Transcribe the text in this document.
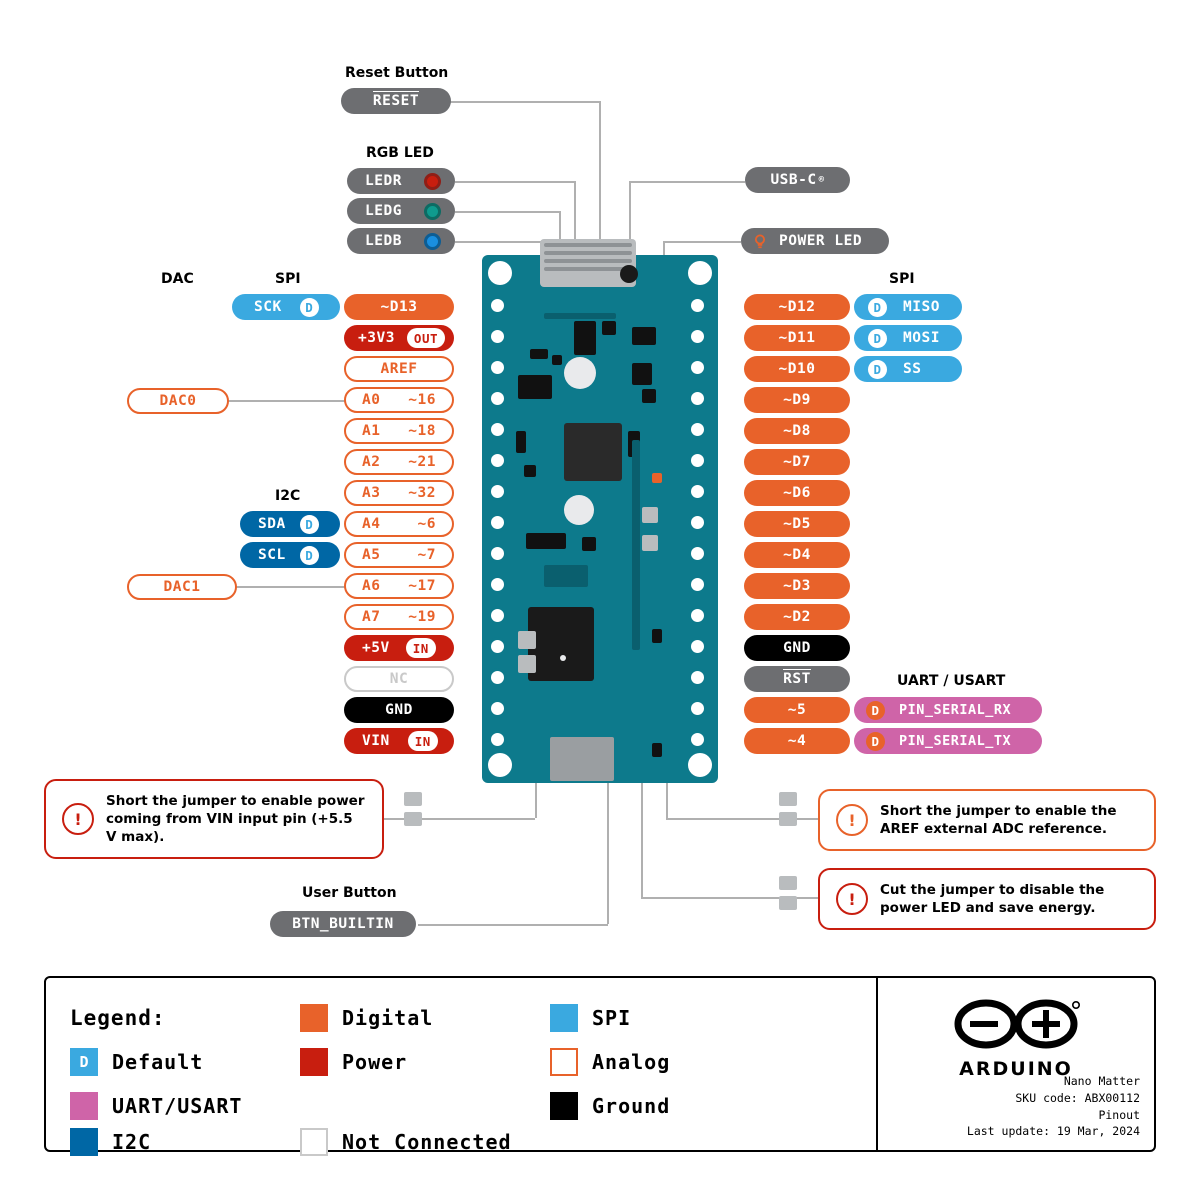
Reset Button
RESET
RGB LED
LEDR
LEDG
LEDB
USB-C ®
POWER LED
DAC	SPI
I2C
SPI
UART / USART
User Button
BTN_BUILTIN
DAC0
DAC1
SCK	D	~D13
+3V3	OUT
AREF
A0 ~16
A1 ~18
A2 ~21
A3 ~32
SDA	D	A4	~6
SCL	D	A5	~7
A6 ~17
A7 ~19
+5V	IN
NC
GND
VIN	IN
~D12	D	MISO
~D11	D	MOSI
~D10	D	SS
~D9
~D8
~D7
~D6
~D5
~D4
~D3
~D2
GND
RST
~5	D	PIN_SERIAL_RX
~4	D	PIN_SERIAL_TX
!
Short the jumper to enable power coming from VIN input pin (+5.5 V max).
!	Short the jumper to enable the AREF external ADC reference.
!	Cut the jumper to disable the power LED and save energy.
Legend:	Digital	SPI
D	Default	Power	Analog
UART/USART	Ground
I2C	Not Connected
ARDUINO
Nano Matter
SKU code: ABX00112
Pinout
Last update: 19 Mar, 2024
